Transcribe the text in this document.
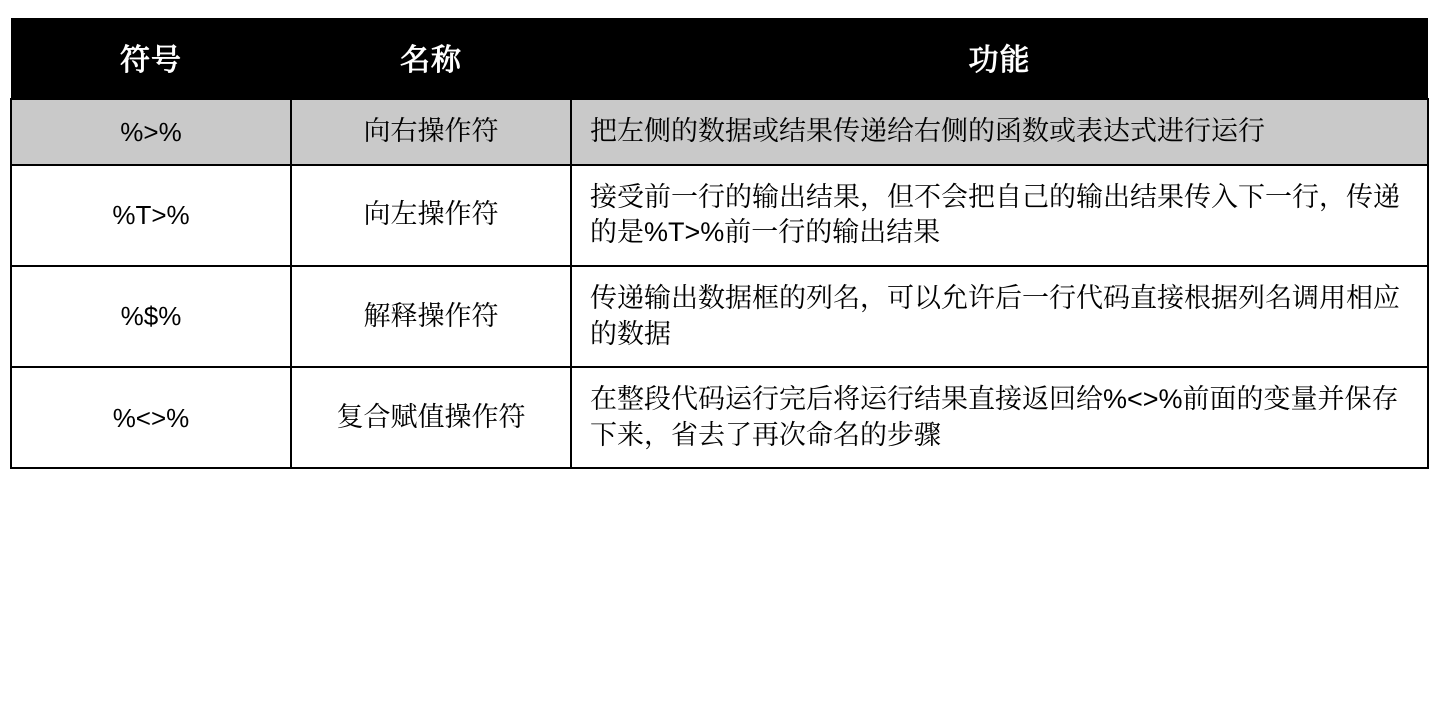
符号	名称	功能
%>%	向右操作符	把左侧的数据或结果传递给右侧的函数或表达式进行运行
%T>%	向左操作符	接受前一行的输出结果，但不会把自己的输出结果传入下一行，传递的是%T>%前一行的输出结果
%$%	解释操作符	传递输出数据框的列名，可以允许后一行代码直接根据列名调用相应的数据
%<>%	复合赋值操作符	在整段代码运行完后将运行结果直接返回给%<>%前面的变量并保存下来，省去了再次命名的步骤
